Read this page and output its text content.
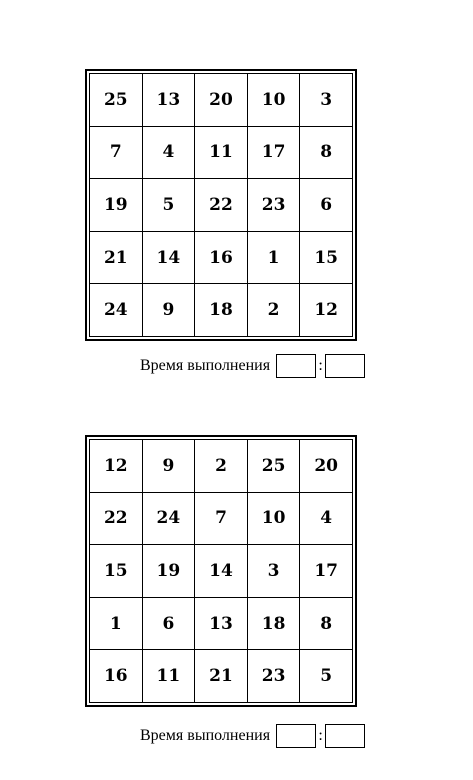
25	13	20	10	3
7	4	11	17	8
19	5	22	23	6
21	14	16	1	15
24	9	18	2	12
Время выполнения	:
12	9	2	25	20
22	24	7	10	4
15	19	14	3	17
1	6	13	18	8
16	11	21	23	5
Время выполнения	:
